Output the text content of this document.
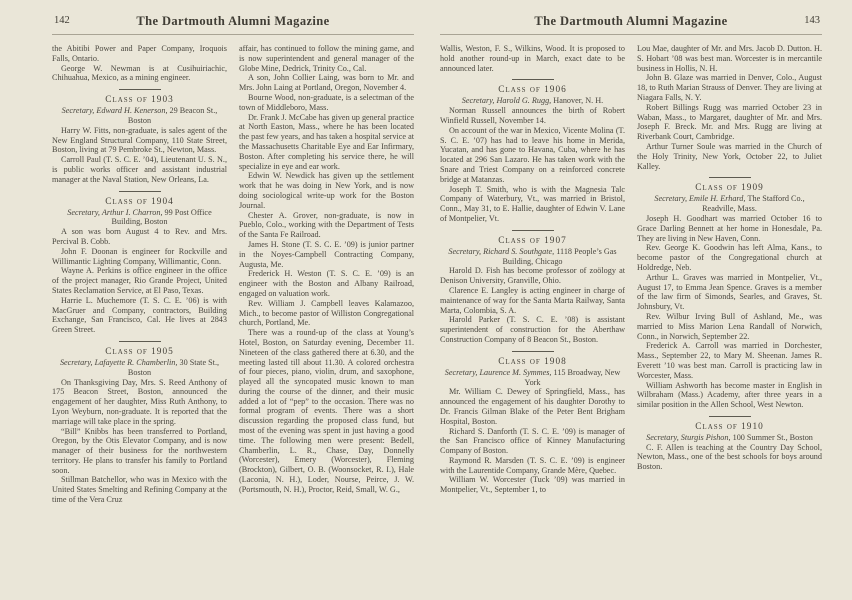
142	The Dartmouth Alumni Magazine

the Abitibi Power and Paper Company, Iroquois Falls, Ontario.

George W. Newman is at Cusihuiriachic, Chihuahua, Mexico, as a mining engineer.

Class of 1903

Secretary, Edward H. Kenerson, 29 Beacon St., Boston

Harry W. Fitts, non-graduate, is sales agent of the New England Structural Company, 110 State Street, Boston, living at 79 Pembroke St., Newton, Mass.

Carroll Paul (T. S. C. E. ’04), Lieutenant U. S. N., is public works officer and assistant industrial manager at the Naval Station, New Orleans, La.

Class of 1904

Secretary, Arthur I. Charron, 99 Post Office Building, Boston

A son was born August 4 to Rev. and Mrs. Percival B. Cobb.

John F. Doonan is engineer for Rockville and Willimantic Lighting Company, Willimantic, Conn.

Wayne A. Perkins is office engineer in the office of the project manager, Rio Grande Project, United States Reclamation Service, at El Paso, Texas.

Harrie L. Muchemore (T. S. C. E. ’06) is with MacGruer and Company, contractors, Building Exchange, San Francisco, Cal. He lives at 2843 Green Street.

Class of 1905

Secretary, Lafayette R. Chamberlin, 30 State St., Boston

On Thanksgiving Day, Mrs. S. Reed Anthony of 175 Beacon Street, Boston, announced the engagement of her daughter, Miss Ruth Anthony, to Lyon Weyburn, non-graduate. It is reported that the marriage will take place in the spring.

“Bill” Knibbs has been transferred to Portland, Oregon, by the Otis Elevator Company, and is now manager of their business for the northwestern territory. He plans to transfer his family to Portland soon.

Stillman Batchellor, who was in Mexico with the United States Smelting and Refining Company at the time of the Vera Cruz

affair, has continued to follow the mining game, and is now superintendent and general manager of the Globe Mine, Dedrick, Trinity Co., Cal.

A son, John Collier Laing, was born to Mr. and Mrs. John Laing at Portland, Oregon, November 4.

Bourne Wood, non-graduate, is a selectman of the town of Middleboro, Mass.

Dr. Frank J. McCabe has given up general practice at North Easton, Mass., where he has been located the past few years, and has taken a hospital service at the Massachusetts Charitable Eye and Ear Infirmary, Boston. After completing his service there, he will specialize in eye and ear work.

Edwin W. Newdick has given up the settlement work that he was doing in New York, and is now doing sociological write-up work for the Boston Journal.

Chester A. Grover, non-graduate, is now in Pueblo, Colo., working with the Department of Tests of the Santa Fe Railroad.

James H. Stone (T. S. C. E. ’09) is junior partner in the Noyes-Campbell Contracting Company, Augusta, Me.

Frederick H. Weston (T. S. C. E. ’09) is an engineer with the Boston and Albany Railroad, engaged on valuation work.

Rev. William J. Campbell leaves Kalamazoo, Mich., to become pastor of Williston Congregational church, Portland, Me.

There was a round-up of the class at Young’s Hotel, Boston, on Saturday evening, December 11. Nineteen of the class gathered there at 6.30, and the meeting lasted till about 11.30. A colored orchestra of four pieces, piano, violin, drum, and saxophone, played all the syncopated music known to man during the course of the dinner, and their music added a lot of “pep” to the occasion. There was no formal program of events. There was a short discussion regarding the proposed class fund, but most of the evening was spent in just having a good time. The following men were present: Bedell, Chamberlin, L. R., Chase, Day, Donnelly (Worcester), Emery (Worcester), Fleming (Brockton), Gilbert, O. B. (Woonsocket, R. I.), Hale (Laconia, N. H.), Loder, Nourse, Peirce, J. W. (Portsmouth, N. H.), Proctor, Reid, Small, W. G.,

The Dartmouth Alumni Magazine	143

Wallis, Weston, F. S., Wilkins, Wood. It is proposed to hold another round-up in March, exact date to be announced later.

Class of 1906

Secretary, Harold G. Rugg, Hanover, N. H.

Norman Russell announces the birth of Robert Winfield Russell, November 14.

On account of the war in Mexico, Vicente Molina (T. S. C. E. ’07) has had to leave his home in Merida, Yucatan, and has gone to Havana, Cuba, where he has located at 296 San Lazaro. He has taken work with the Snare and Triest Company on a reinforced concrete bridge at Matanzas.

Joseph T. Smith, who is with the Magnesia Talc Company of Waterbury, Vt., was married in Bristol, Conn., May 31, to E. Hallie, daughter of Edwin V. Lane of Montpelier, Vt.

Class of 1907

Secretary, Richard S. Southgate, 1118 People’s Gas Building, Chicago

Harold D. Fish has become professor of zoölogy at Denison University, Granville, Ohio.

Clarence E. Langley is acting engineer in charge of maintenance of way for the Santa Marta Railway, Santa Marta, Colombia, S. A.

Harold Parker (T. S. C. E. ’08) is assistant superintendent of construction for the Aberthaw Construction Company of 8 Beacon St., Boston.

Class of 1908

Secretary, Laurence M. Symmes, 115 Broadway, New York

Mr. William C. Dewey of Springfield, Mass., has announced the engagement of his daughter Dorothy to Dr. Francis Gilman Blake of the Peter Bent Brigham Hospital, Boston.

Richard S. Danforth (T. S. C. E. ’09) is manager of the San Francisco office of Kinney Manufacturing Company of Boston.

Raymond R. Marsden (T. S. C. E. ’09) is engineer with the Laurentide Company, Grande Mère, Quebec.

William W. Worcester (Tuck ’09) was married in Montpelier, Vt., September 1, to

Lou Mae, daughter of Mr. and Mrs. Jacob D. Dutton. H. S. Hobart ’08 was best man. Worcester is in mercantile business in Hollis, N. H.

John B. Glaze was married in Denver, Colo., August 18, to Ruth Marian Strauss of Denver. They are living at Niagara Falls, N. Y.

Robert Billings Rugg was married October 23 in Waban, Mass., to Margaret, daughter of Mr. and Mrs. Joseph F. Breck. Mr. and Mrs. Rugg are living at Riverbank Court, Cambridge.

Arthur Turner Soule was married in the Church of the Holy Trinity, New York, October 22, to Juliet Kalley.

Class of 1909

Secretary, Emile H. Erhard, The Stafford Co., Readville, Mass.

Joseph H. Goodhart was married October 16 to Grace Darling Bennett at her home in Honesdale, Pa. They are living in New Haven, Conn.

Rev. George K. Goodwin has left Alma, Kans., to become pastor of the Congregational church at Holdredge, Neb.

Arthur L. Graves was married in Montpelier, Vt., August 17, to Emma Jean Spence. Graves is a member of the law firm of Simonds, Searles, and Graves, St. Johnsbury, Vt.

Rev. Wilbur Irving Bull of Ashland, Me., was married to Miss Marion Lena Randall of Norwich, Conn., in Norwich, September 22.

Frederick A. Carroll was married in Dorchester, Mass., September 22, to Mary M. Sheenan. James R. Everett ’10 was best man. Carroll is practicing law in Worcester, Mass.

William Ashworth has become master in English in Wilbraham (Mass.) Academy, after three years in a similar position in the Allen School, West Newton.

Class of 1910

Secretary, Sturgis Pishon, 100 Summer St., Boston

C. F. Allen is teaching at the Country Day School, Newton, Mass., one of the best schools for boys around Boston.
